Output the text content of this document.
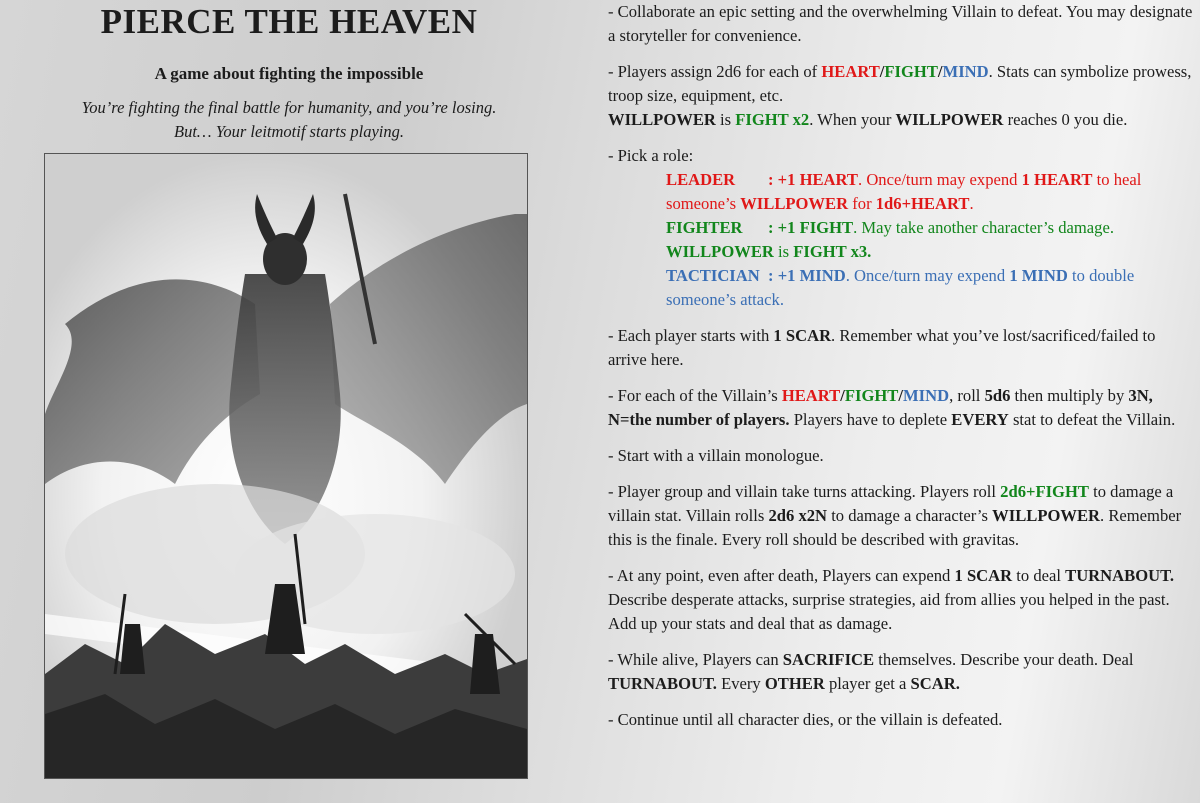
PIERCE THE HEAVEN
A game about fighting the impossible
You’re fighting the final battle for humanity, and you’re losing.
But… Your leitmotif starts playing.

- Collaborate an epic setting and the overwhelming Villain to defeat. You may designate a storyteller for convenience.

- Players assign 2d6 for each of HEART/FIGHT/MIND. Stats can symbolize prowess, troop size, equipment, etc.
WILLPOWER is FIGHT x2. When your WILLPOWER reaches 0 you die.

- Pick a role:

LEADER : +1 HEART. Once/turn may expend 1 HEART to heal someone’s WILLPOWER for 1d6+HEART.
FIGHTER : +1 FIGHT. May take another character’s damage. WILLPOWER is FIGHT x3.
TACTICIAN : +1 MIND. Once/turn may expend 1 MIND to double someone’s attack.

- Each player starts with 1 SCAR. Remember what you’ve lost/sacrificed/failed to arrive here.

- For each of the Villain’s HEART/FIGHT/MIND, roll 5d6 then multiply by 3N, N=the number of players. Players have to deplete EVERY stat to defeat the Villain.

- Start with a villain monologue.

- Player group and villain take turns attacking. Players roll 2d6+FIGHT to damage a villain stat. Villain rolls 2d6 x2N to damage a character’s WILLPOWER. Remember this is the finale. Every roll should be described with gravitas.

- At any point, even after death, Players can expend 1 SCAR to deal TURNABOUT. Describe desperate attacks, surprise strategies, aid from allies you helped in the past. Add up your stats and deal that as damage.

- While alive, Players can SACRIFICE themselves. Describe your death. Deal TURNABOUT. Every OTHER player get a SCAR.

- Continue until all character dies, or the villain is defeated.
